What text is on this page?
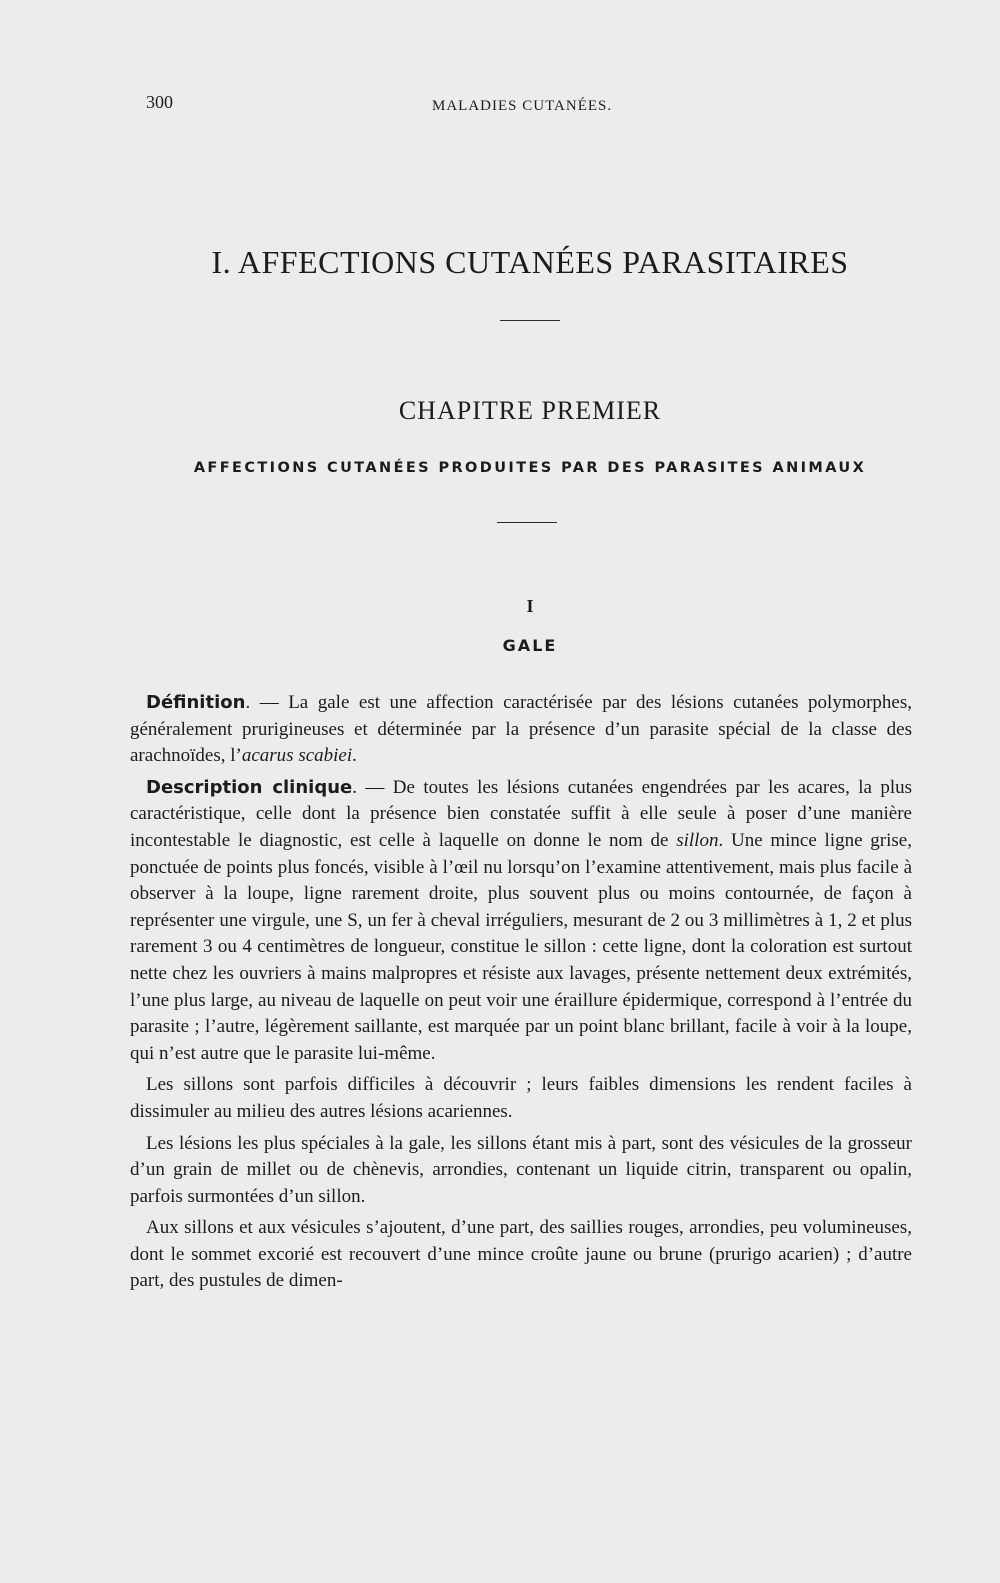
300	MALADIES CUTANÉES.
I. AFFECTIONS CUTANÉES PARASITAIRES
CHAPITRE PREMIER
AFFECTIONS CUTANÉES PRODUITES PAR DES PARASITES ANIMAUX
I
GALE

Définition. — La gale est une affection caractérisée par des lésions cutanées polymorphes, généralement prurigineuses et déterminée par la présence d’un parasite spécial de la classe des arachnoïdes, l’acarus scabiei.

Description clinique. — De toutes les lésions cutanées engendrées par les acares, la plus caractéristique, celle dont la présence bien constatée suffit à elle seule à poser d’une manière incontestable le diagnostic, est celle à laquelle on donne le nom de sillon. Une mince ligne grise, ponctuée de points plus foncés, visible à l’œil nu lorsqu’on l’examine attentivement, mais plus facile à observer à la loupe, ligne rarement droite, plus souvent plus ou moins contournée, de façon à représenter une virgule, une S, un fer à cheval irréguliers, mesurant de 2 ou 3 millimètres à 1, 2 et plus rarement 3 ou 4 centimètres de longueur, constitue le sillon : cette ligne, dont la coloration est surtout nette chez les ouvriers à mains malpropres et résiste aux lavages, présente nettement deux extrémités, l’une plus large, au niveau de laquelle on peut voir une éraillure épidermique, correspond à l’entrée du parasite ; l’autre, légèrement saillante, est marquée par un point blanc brillant, facile à voir à la loupe, qui n’est autre que le parasite lui-même.

Les sillons sont parfois difficiles à découvrir ; leurs faibles dimensions les rendent faciles à dissimuler au milieu des autres lésions acariennes.

Les lésions les plus spéciales à la gale, les sillons étant mis à part, sont des vésicules de la grosseur d’un grain de millet ou de chènevis, arrondies, contenant un liquide citrin, transparent ou opalin, parfois surmontées d’un sillon.

Aux sillons et aux vésicules s’ajoutent, d’une part, des saillies rouges, arrondies, peu volumineuses, dont le sommet excorié est recouvert d’une mince croûte jaune ou brune (prurigo acarien) ; d’autre part, des pustules de dimen-
